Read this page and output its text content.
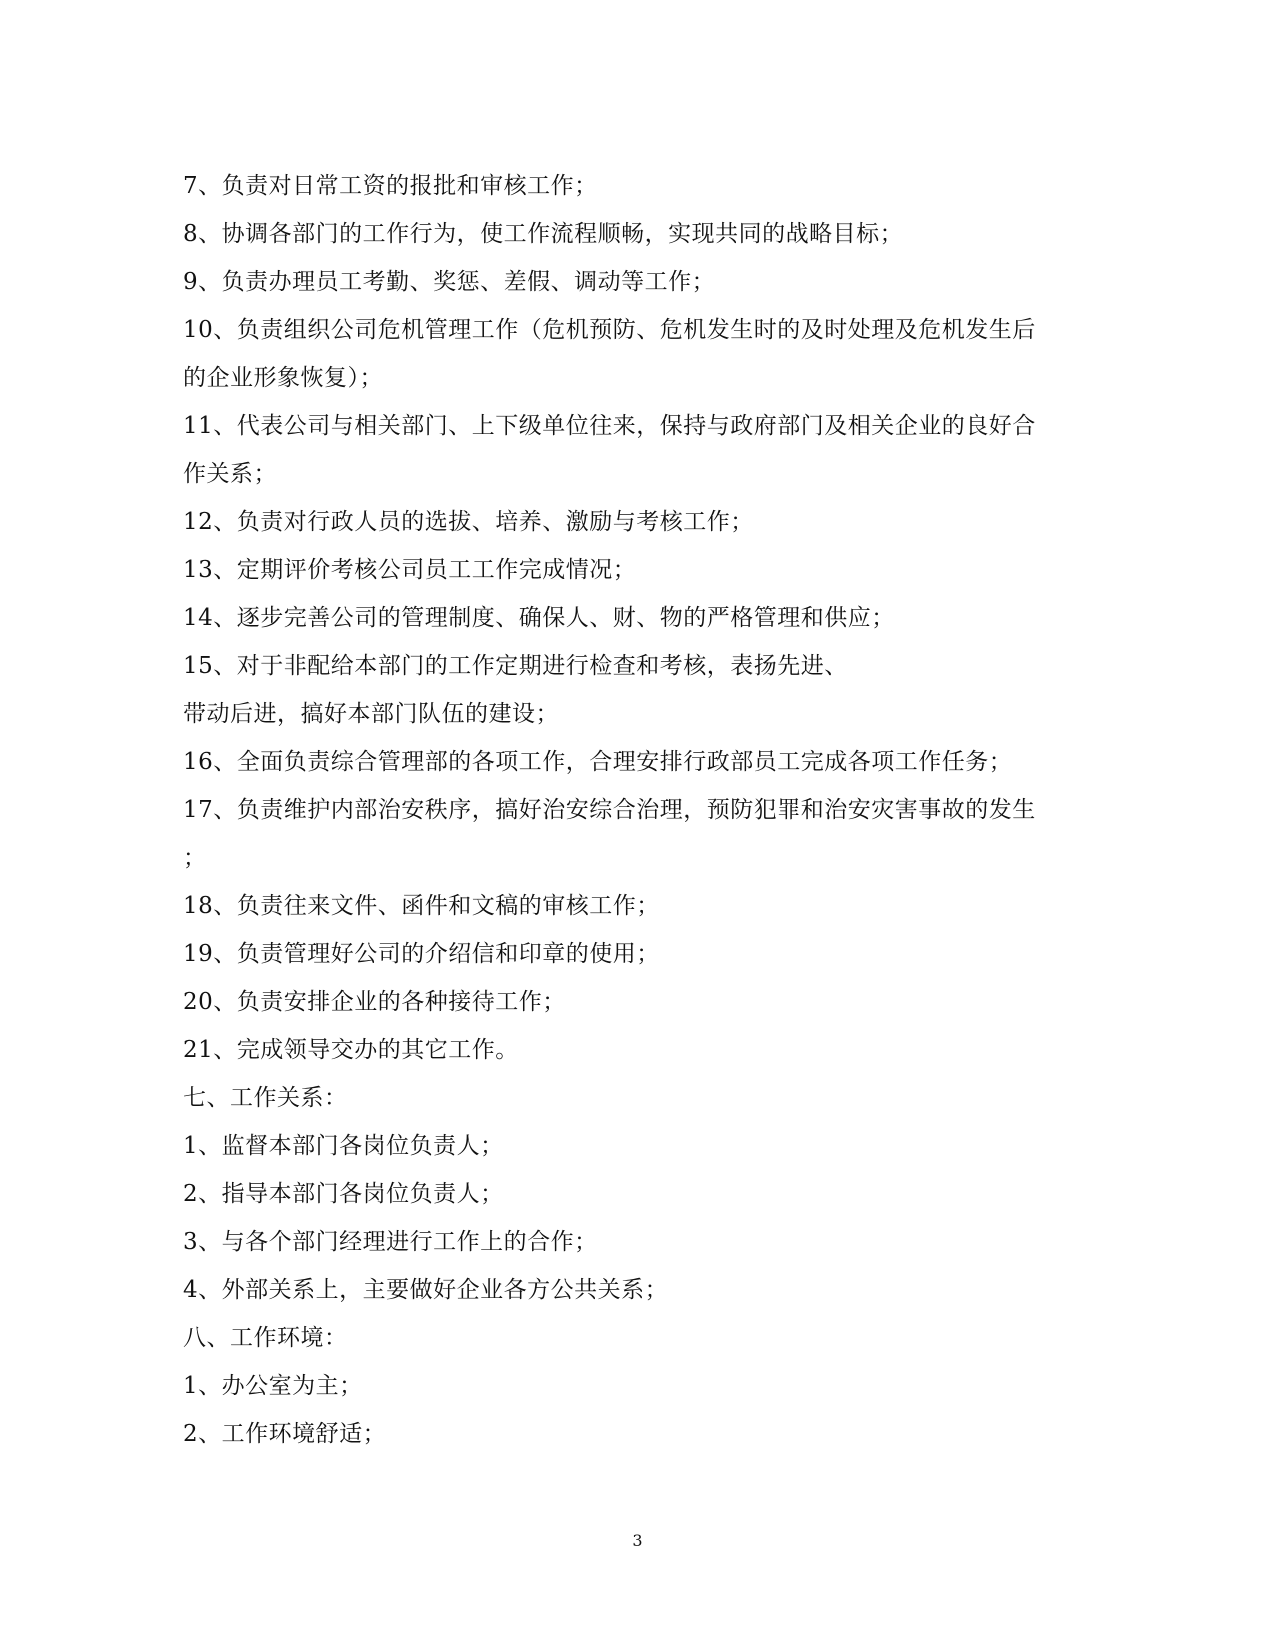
7、负责对日常工资的报批和审核工作；
8、协调各部门的工作行为，使工作流程顺畅，实现共同的战略目标；
9、负责办理员工考勤、奖惩、差假、调动等工作；
10、负责组织公司危机管理工作（危机预防、危机发生时的及时处理及危机发生后
的企业形象恢复）；
11、代表公司与相关部门、上下级单位往来，保持与政府部门及相关企业的良好合
作关系；
12、负责对行政人员的选拔、培养、激励与考核工作；
13、定期评价考核公司员工工作完成情况；
14、逐步完善公司的管理制度、确保人、财、物的严格管理和供应；
15、对于非配给本部门的工作定期进行检查和考核，表扬先进、
带动后进，搞好本部门队伍的建设；
16、全面负责综合管理部的各项工作，合理安排行政部员工完成各项工作任务；
17、负责维护内部治安秩序，搞好治安综合治理，预防犯罪和治安灾害事故的发生
；
18、负责往来文件、函件和文稿的审核工作；
19、负责管理好公司的介绍信和印章的使用；
20、负责安排企业的各种接待工作；
21、完成领导交办的其它工作。
七、工作关系：
1、监督本部门各岗位负责人；
2、指导本部门各岗位负责人；
3、与各个部门经理进行工作上的合作；
4、外部关系上，主要做好企业各方公共关系；
八、工作环境：
1、办公室为主；
2、工作环境舒适；
3
